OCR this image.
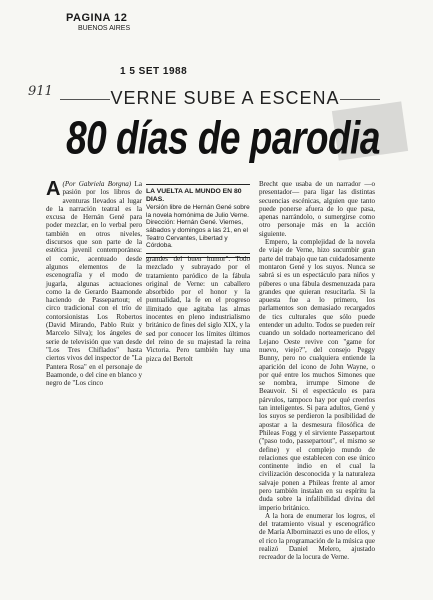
PAGINA 12
BUENOS AIRES
1 5 SET 1988
911	VERNE SUBE A ESCENA
80 días de parodia
A (Por Gabriela Borgna) La pasión por los libros de aventuras llevados al lugar de la narración teatral es la excusa de Hernán Gené para poder mezclar, en lo verbal pero también en otros niveles, discursos que son parte de la estética juvenil contemporánea: el comic, acentuado desde algunos elementos de la escenografía y el modo de jugarla, algunas actuaciones como la de Gerardo Baamonde haciendo de Passepartout; el circo tradicional con el trío de contorsionistas Los Robertos (David Mirando, Pablo Ruiz y Marcelo Silva); los ángeles de serie de televisión que van desde "Los Tres Chiflados" hasta ciertos vivos del inspector de "La Pantera Rosa" en el personaje de Baamonde, o del cine en blanco y negro de "Los cinco
LA VUELTA AL MUNDO EN 80 DIAS.
Versión libre de Hernán Gené sobre la novela homónima de Julio Verne. Dirección: Hernán Gené. Viernes, sábados y domingos a las 21, en el Teatro Cervantes, Libertad y Córdoba.

grandes del buen humor". Todo mezclado y subrayado por el tratamiento paródico de la fábula original de Verne: un caballero absorbido por el honor y la puntualidad, la fe en el progreso ilimitado que agitaba las almas inocentes en pleno industrialismo británico de fines del siglo XIX, y la sed por conocer los límites últimos del reino de su majestad la reina Victoria. Pero también hay una pizca del Bertolt

Brecht que usaba de un narrador —o presentador— para ligar las distintas secuencias escénicas, alguien que tanto puede ponerse afuera de lo que pasa, apenas narrándolo, o sumergirse como otro personaje más en la acción siguiente.

Empero, la complejidad de la novela de viaje de Verne, hizo sucumbir gran parte del trabajo que tan cuidadosamente montaron Gené y los suyos. Nunca se sabrá si es un espectáculo para niños y púberes o una fábula desmenuzada para grandes que quieran resucitarla. Si la apuesta fue a lo primero, los parlamentos son demasiado recargados de tics culturales que sólo puede entender un adulto. Todos se pueden reír cuando un soldado norteamericano del Lejano Oeste revive con "game for nuevo, viejo?", del consejo Peggy Bunny, pero no cualquiera entiende la aparición del icono de John Wayne, o por qué entre los muchos Simones que se nombra, irrumpe Simone de Beauvoir. Si el espectáculo es para párvulos, tampoco hay por qué creerlos tan inteligentes. Si para adultos, Gené y los suyos se perdieron la posibilidad de apostar a la desmesura filosófica de Phileas Fogg y el sirviente Passepartout ("paso todo, passepartout", el mismo se define) y el complejo mundo de relaciones que establecen con ese único continente indio en el cual la civilización desconocida y la naturaleza salvaje ponen a Phileas frente al amor pero también instalan en su espíritu la duda sobre la infalibilidad divina del imperio británico.

A la hora de enumerar los logros, el del tratamiento visual y escenográfico de María Alborninazzi es uno de ellos, y el rico la programación de la música que realizó Daniel Melero, ajustado recreador de la locura de Verne.
